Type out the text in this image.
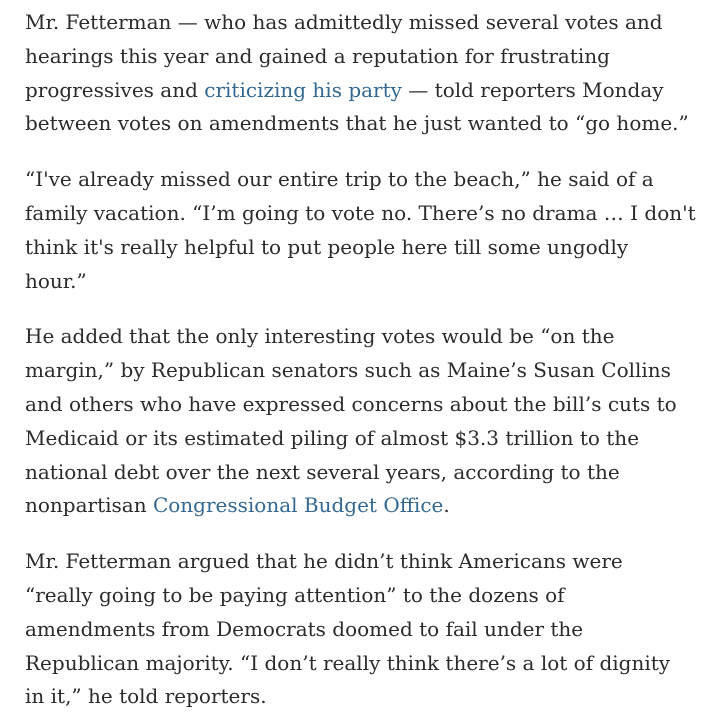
Mr. Fetterman — who has admittedly missed several votes and
hearings this year and gained a reputation for frustrating
progressives and criticizing his party — told reporters Monday
between votes on amendments that he just wanted to “go home.”

“I've already missed our entire trip to the beach,” he said of a
family vacation. “I’m going to vote no. There’s no drama … I don't
think it's really helpful to put people here till some ungodly
hour.”

He added that the only interesting votes would be “on the
margin,” by Republican senators such as Maine’s Susan Collins
and others who have expressed concerns about the bill’s cuts to
Medicaid or its estimated piling of almost $3.3 trillion to the
national debt over the next several years, according to the
nonpartisan Congressional Budget Office.

Mr. Fetterman argued that he didn’t think Americans were
“really going to be paying attention” to the dozens of
amendments from Democrats doomed to fail under the
Republican majority. “I don’t really think there’s a lot of dignity
in it,” he told reporters.
